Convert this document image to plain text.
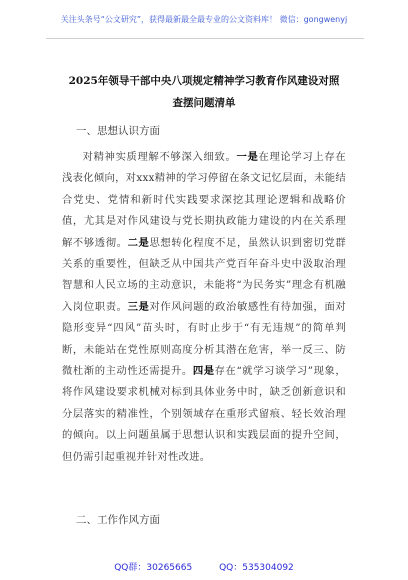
关注头条号“公文研究”，获得最新最全最专业的公文资料库！ 微信：gongwenyj
2025年领导干部中央八项规定精神学习教育作风建设对照
查摆问题清单
一、思想认识方面

对精神实质理解不够深入细致。一是在理论学习上存在浅表化倾向，对xxx精神的学习停留在条文记忆层面，未能结合党史、党情和新时代实践要求深挖其理论逻辑和战略价值，尤其是对作风建设与党长期执政能力建设的内在关系理解不够透彻。二是思想转化程度不足，虽然认识到密切党群关系的重要性，但缺乏从中国共产党百年奋斗史中汲取治理智慧和人民立场的主动意识，未能将“为民务实”理念有机融入岗位职责。三是对作风问题的政治敏感性有待加强，面对隐形变异“四风”苗头时，有时止步于“有无违规”的简单判断，未能站在党性原则高度分析其潜在危害，举一反三、防微杜渐的主动性还需提升。四是存在“就学习谈学习”现象，将作风建设要求机械对标到具体业务中时，缺乏创新意识和分层落实的精准性，个别领域存在重形式留痕、轻长效治理的倾向。以上问题虽属于思想认识和实践层面的提升空间，但仍需引起重视并针对性改进。

二、工作作风方面
QQ群：30265665	QQ：535304092
